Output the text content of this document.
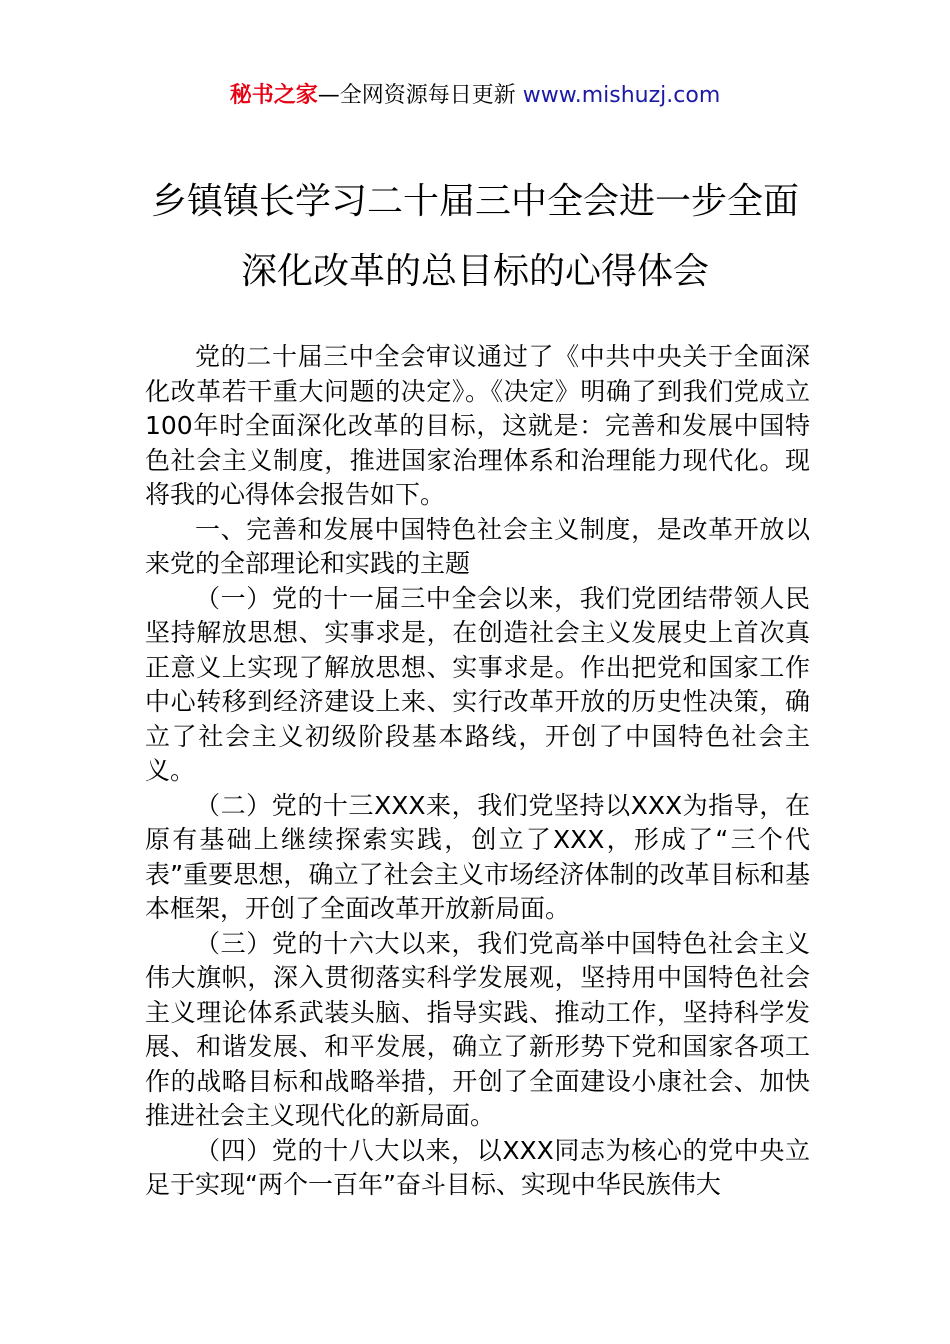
秘书之家—全网资源每日更新 www.mishuzj.com
乡镇镇长学习二十届三中全会进一步全面
深化改革的总目标的心得体会

党的二十届三中全会审议通过了《中共中央关于全面深化改革若干重大问题的决定》。《决定》明确了到我们党成立100年时全面深化改革的目标，这就是：完善和发展中国特色社会主义制度，推进国家治理体系和治理能力现代化。现将我的心得体会报告如下。

一、完善和发展中国特色社会主义制度，是改革开放以来党的全部理论和实践的主题

（一）党的十一届三中全会以来，我们党团结带领人民坚持解放思想、实事求是，在创造社会主义发展史上首次真正意义上实现了解放思想、实事求是。作出把党和国家工作中心转移到经济建设上来、实行改革开放的历史性决策，确立了社会主义初级阶段基本路线，开创了中国特色社会主义。

（二）党的十三XXX来，我们党坚持以XXX为指导，在原有基础上继续探索实践，创立了XXX，形成了“三个代表”重要思想，确立了社会主义市场经济体制的改革目标和基本框架，开创了全面改革开放新局面。

（三）党的十六大以来，我们党高举中国特色社会主义伟大旗帜，深入贯彻落实科学发展观，坚持用中国特色社会主义理论体系武装头脑、指导实践、推动工作，坚持科学发展、和谐发展、和平发展，确立了新形势下党和国家各项工作的战略目标和战略举措，开创了全面建设小康社会、加快推进社会主义现代化的新局面。

（四）党的十八大以来，以XXX同志为核心的党中央立足于实现“两个一百年”奋斗目标、实现中华民族伟大
